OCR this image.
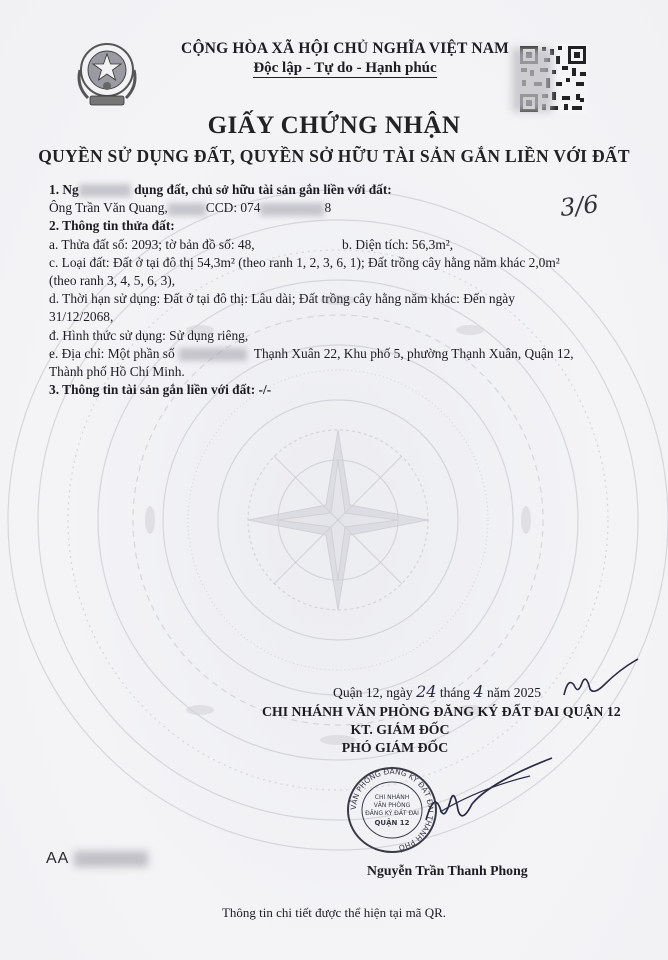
CỘNG HÒA XÃ HỘI CHỦ NGHĨA VIỆT NAM
Độc lập - Tự do - Hạnh phúc
GIẤY CHỨNG NHẬN
QUYỀN SỬ DỤNG ĐẤT, QUYỀN SỞ HỮU TÀI SẢN GẮN LIỀN VỚI ĐẤT
3/6
1. Ng	dụng đất, chủ sở hữu tài sản gắn liền với đất:
Ông Trần Văn Quang,	CCD: 074	8
2. Thông tin thửa đất:
a. Thửa đất số: 2093; tờ bản đồ số: 48,	b. Diện tích: 56,3m²,
c. Loại đất: Đất ở tại đô thị 54,3m² (theo ranh 1, 2, 3, 6, 1); Đất trồng cây hằng năm khác 2,0m²
(theo ranh 3, 4, 5, 6, 3),
d. Thời hạn sử dụng: Đất ở tại đô thị: Lâu dài; Đất trồng cây hằng năm khác: Đến ngày
31/12/2068,
đ. Hình thức sử dụng: Sử dụng riêng,
e. Địa chỉ: Một phần số	Thạnh Xuân 22, Khu phố 5, phường Thạnh Xuân, Quận 12,
Thành phố Hồ Chí Minh.
3. Thông tin tài sản gắn liền với đất: -/-
Quận 12, ngày 24 tháng 4 năm 2025
CHI NHÁNH VĂN PHÒNG ĐĂNG KÝ ĐẤT ĐAI QUẬN 12
KT. GIÁM ĐỐC
PHÓ GIÁM ĐỐC
VĂN PHÒNG ĐĂNG KÝ ĐẤT ĐAI THÀNH PHỐ
CHI NHÁNH
VĂN PHÒNG
ĐĂNG KÝ ĐẤT ĐAI
QUẬN 12
AA
Nguyễn Trần Thanh Phong
Thông tin chi tiết được thể hiện tại mã QR.
